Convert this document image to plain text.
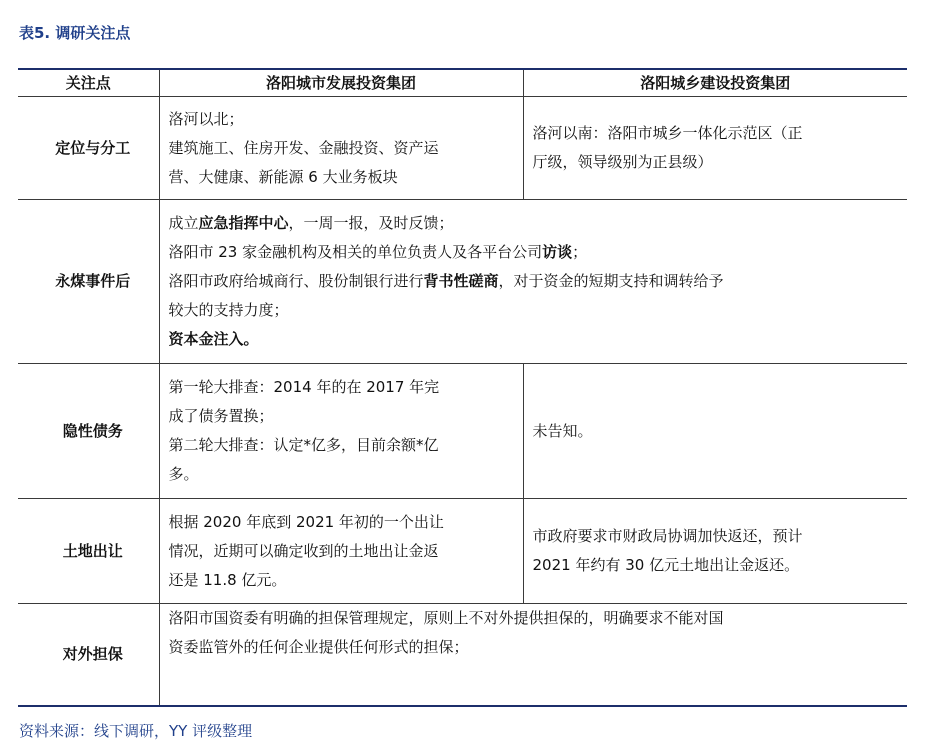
表5. 调研关注点
关注点	洛阳城市发展投资集团	洛阳城乡建设投资集团
定位与分工	洛河以北；
建筑施工、住房开发、金融投资、资产运
营、大健康、新能源 6 大业务板块	洛河以南：洛阳市城乡一体化示范区（正
厅级，领导级别为正县级）

永煤事件后	成立应急指挥中心，一周一报，及时反馈；
洛阳市 23 家金融机构及相关的单位负责人及各平台公司访谈；
洛阳市政府给城商行、股份制银行进行背书性磋商，对于资金的短期支持和调转给予
较大的支持力度；
资本金注入。	

隐性债务	第一轮大排查：2014 年的在 2017 年完
成了债务置换；
第二轮大排查：认定*亿多，目前余额*亿
多。	未告知。
土地出让	根据 2020 年底到 2021 年初的一个出让
情况，近期可以确定收到的土地出让金返
还是 11.8 亿元。	市政府要求市财政局协调加快返还，预计
2021 年约有 30 亿元土地出让金返还。

对外担保	洛阳市国资委有明确的担保管理规定，原则上不对外提供担保的，明确要求不能对国
资委监管外的任何企业提供任何形式的担保；	
资料来源：线下调研，YY 评级整理
